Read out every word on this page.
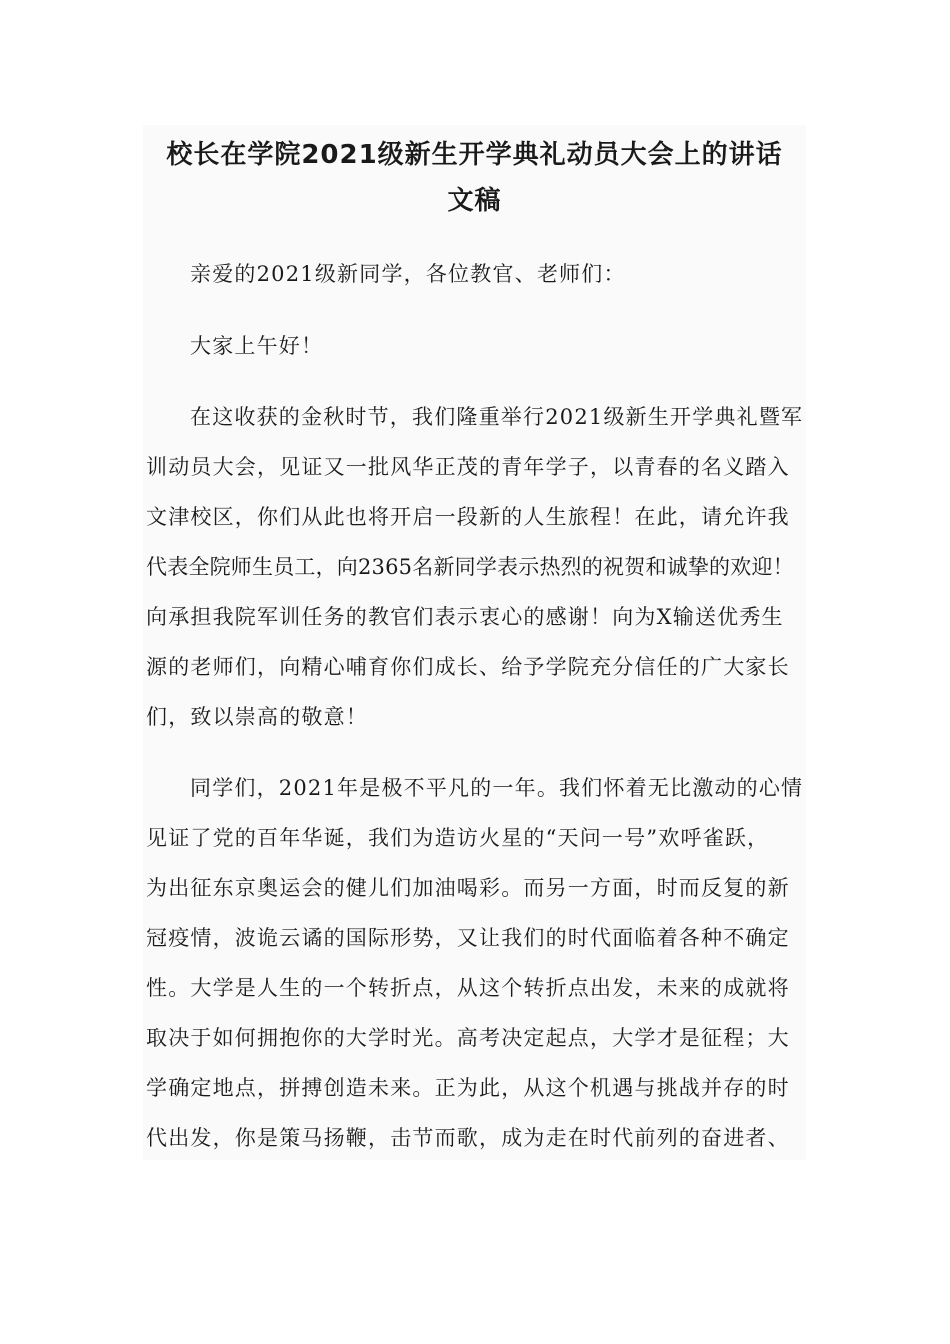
校长在学院2021级新生开学典礼动员大会上的讲话
文稿

亲爱的2021级新同学，各位教官、老师们：

大家上午好！

在这收获的金秋时节，我们隆重举行2021级新生开学典礼暨军

训动员大会，见证又一批风华正茂的青年学子，以青春的名义踏入

文津校区，你们从此也将开启一段新的人生旅程！在此，请允许我

代表全院师生员工，向2365名新同学表示热烈的祝贺和诚挚的欢迎！

向承担我院军训任务的教官们表示衷心的感谢！向为X输送优秀生

源的老师们，向精心哺育你们成长、给予学院充分信任的广大家长

们，致以崇高的敬意！

同学们，2021年是极不平凡的一年。我们怀着无比激动的心情

见证了党的百年华诞，我们为造访火星的“天问一号”欢呼雀跃，

为出征东京奥运会的健儿们加油喝彩。而另一方面，时而反复的新

冠疫情，波诡云谲的国际形势，又让我们的时代面临着各种不确定

性。大学是人生的一个转折点，从这个转折点出发，未来的成就将

取决于如何拥抱你的大学时光。高考决定起点，大学才是征程；大

学确定地点，拼搏创造未来。正为此，从这个机遇与挑战并存的时

代出发，你是策马扬鞭，击节而歌，成为走在时代前列的奋进者、
